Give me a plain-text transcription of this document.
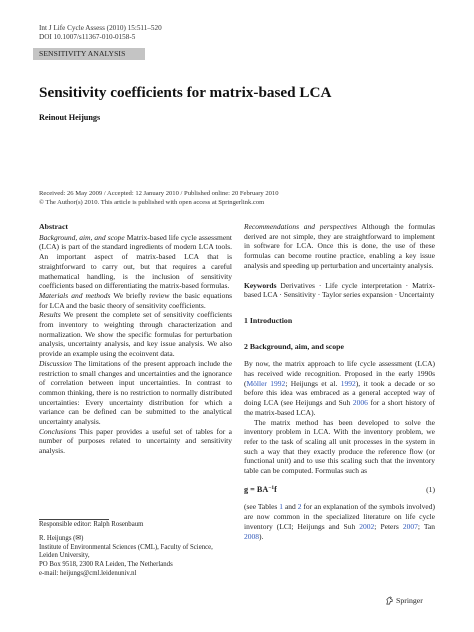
Int J Life Cycle Assess (2010) 15:511–520
DOI 10.1007/s11367-010-0158-5
SENSITIVITY ANALYSIS
Sensitivity coefficients for matrix-based LCA
Reinout Heijungs
Received: 26 May 2009 / Accepted: 12 January 2010 / Published online: 20 February 2010
© The Author(s) 2010. This article is published with open access at Springerlink.com

Abstract

Background, aim, and scope Matrix-based life cycle assessment (LCA) is part of the standard ingredients of modern LCA tools. An important aspect of matrix-based LCA that is straightforward to carry out, but that requires a careful mathematical handling, is the inclusion of sensitivity coefficients based on differentiating the matrix-based formulas.

Materials and methods We briefly review the basic equations for LCA and the basic theory of sensitivity coefficients.

Results We present the complete set of sensitivity coefficients from inventory to weighting through characterization and normalization. We show the specific formulas for perturbation analysis, uncertainty analysis, and key issue analysis. We also provide an example using the ecoinvent data.

Discussion The limitations of the present approach include the restriction to small changes and uncertainties and the ignorance of correlation between input uncertainties. In contrast to common thinking, there is no restriction to normally distributed uncertainties: Every uncertainty distribution for which a variance can be defined can be submitted to the analytical uncertainty analysis.

Conclusions This paper provides a useful set of tables for a number of purposes related to uncertainty and sensitivity analysis.

Recommendations and perspectives Although the formulas derived are not simple, they are straightforward to implement in software for LCA. Once this is done, the use of these formulas can become routine practice, enabling a key issue analysis and speeding up perturbation and uncertainty analysis.

Keywords Derivatives · Life cycle interpretation · Matrix-based LCA · Sensitivity · Taylor series expansion · Uncertainty

1 Introduction

2 Background, aim, and scope

By now, the matrix approach to life cycle assessment (LCA) has received wide recognition. Proposed in the early 1990s (Möller 1992; Heijungs et al. 1992), it took a decade or so before this idea was embraced as a general accepted way of doing LCA (see Heijungs and Suh 2006 for a short history of the matrix-based LCA).

The matrix method has been developed to solve the inventory problem in LCA. With the inventory problem, we refer to the task of scaling all unit processes in the system in such a way that they exactly produce the reference flow (or functional unit) and to use this scaling such that the inventory table can be computed. Formulas such as

$g = BA^{-1}f$	(1)

(see Tables 1 and 2 for an explanation of the symbols involved) are now common in the specialized literature on life cycle inventory (LCI; Heijungs and Suh 2002; Peters 2007; Tan 2008).

Responsible editor: Ralph Rosenbaum
R. Heijungs (✉)
Institute of Environmental Sciences (CML), Faculty of Science,
Leiden University,
PO Box 9518, 2300 RA Leiden, The Netherlands
e-mail: heijungs@cml.leidenuniv.nl
Springer
